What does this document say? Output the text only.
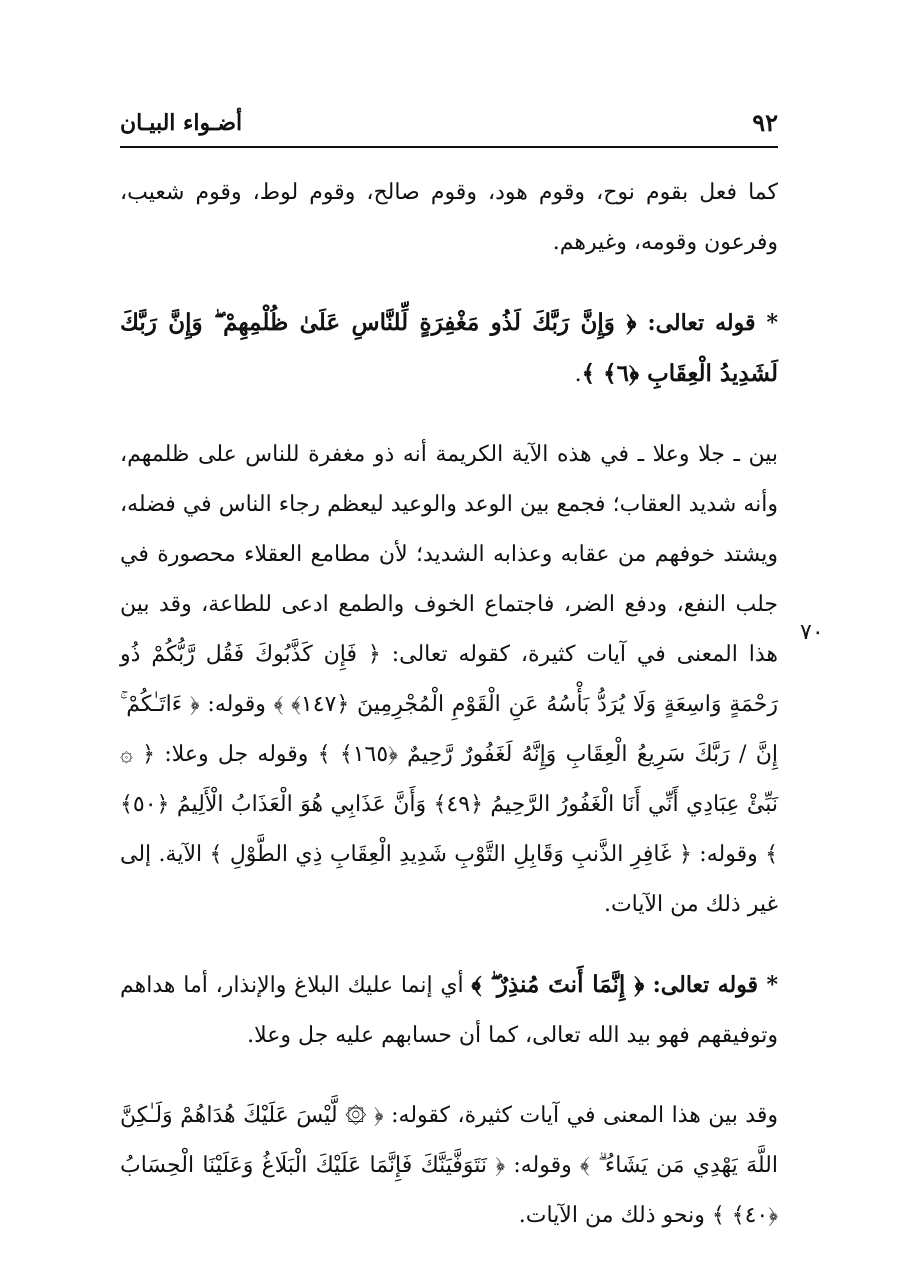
أضـواء البيـان	٩٢
٧٠

كما فعل بقوم نوح، وقوم هود، وقوم صالح، وقوم لوط، وقوم شعيب، وفرعون وقومه، وغيرهم.

* قوله تعالى: ﴿ وَإِنَّ رَبَّكَ لَذُو مَغْفِرَةٍ لِّلنَّاسِ عَلَىٰ ظُلْمِهِمْ ۖ وَإِنَّ رَبَّكَ لَشَدِيدُ الْعِقَابِ ﴿٦﴾ ﴾.

بين ـ جلا وعلا ـ في هذه الآية الكريمة أنه ذو مغفرة للناس على ظلمهم، وأنه شديد العقاب؛ فجمع بين الوعد والوعيد ليعظم رجاء الناس في فضله، ويشتد خوفهم من عقابه وعذابه الشديد؛ لأن مطامع العقلاء محصورة في جلب النفع، ودفع الضر، فاجتماع الخوف والطمع ادعى للطاعة، وقد بين هذا المعنى في آيات كثيرة، كقوله تعالى: ﴿ فَإِن كَذَّبُوكَ فَقُل رَّبُّكُمْ ذُو رَحْمَةٍ وَاسِعَةٍ وَلَا يُرَدُّ بَأْسُهُ عَنِ الْقَوْمِ الْمُجْرِمِينَ ﴿١٤٧﴾ ﴾ وقوله: ﴿ ءَاتَـٰكُمْ ۚ إِنَّ / رَبَّكَ سَرِيعُ الْعِقَابِ وَإِنَّهُ لَغَفُورٌ رَّحِيمٌ ﴿١٦٥﴾ ﴾ وقوله جل وعلا: ﴿ ۞ نَبِّئْ عِبَادِي أَنِّي أَنَا الْغَفُورُ الرَّحِيمُ ﴿٤٩﴾ وَأَنَّ عَذَابِي هُوَ الْعَذَابُ الْأَلِيمُ ﴿٥٠﴾ ﴾ وقوله: ﴿ غَافِرِ الذَّنبِ وَقَابِلِ التَّوْبِ شَدِيدِ الْعِقَابِ ذِي الطَّوْلِ ﴾ الآية. إلى غير ذلك من الآيات.

* قوله تعالى: ﴿ إِنَّمَا أَنتَ مُنذِرٌ ۖ ﴾ أي إنما عليك البلاغ والإنذار، أما هداهم وتوفيقهم فهو بيد الله تعالى، كما أن حسابهم عليه جل وعلا.

وقد بين هذا المعنى في آيات كثيرة، كقوله: ﴿ ۞ لَّيْسَ عَلَيْكَ هُدَاهُمْ وَلَـٰكِنَّ اللَّهَ يَهْدِي مَن يَشَاءُ ۗ ﴾ وقوله: ﴿ نَتَوَفَّيَنَّكَ فَإِنَّمَا عَلَيْكَ الْبَلَاغُ وَعَلَيْنَا الْحِسَابُ ﴿٤٠﴾ ﴾ ونحو ذلك من الآيات.
